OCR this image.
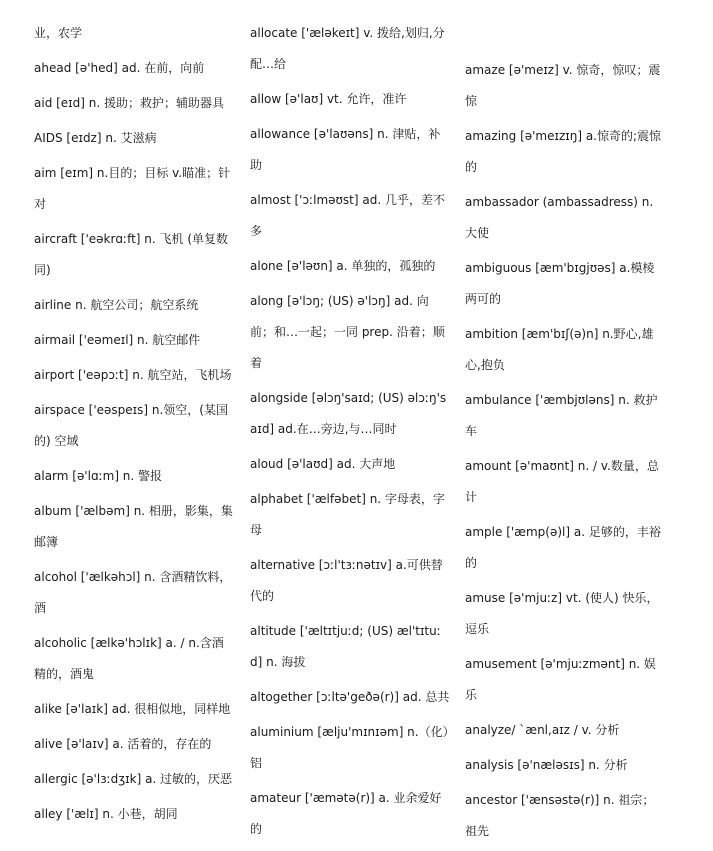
业，农学
ahead [ə'hed] ad. 在前，向前
aid [eɪd] n. 援助；救护；辅助器具
AIDS [eɪdz] n. 艾滋病
aim [eɪm] n.目的；目标 v.瞄准；针对
aircraft ['eəkrɑːft] n. 飞机 (单复数同)
airline n. 航空公司；航空系统
airmail ['eəmeɪl] n. 航空邮件
airport ['eəpɔːt] n. 航空站，飞机场
airspace ['eəspeɪs] n.领空，(某国的) 空域
alarm [ə'lɑːm] n. 警报
album ['ælbəm] n. 相册，影集，集邮簿
alcohol ['ælkəhɔl] n. 含酒精饮料，酒
alcoholic [ælkə'hɔlɪk] a. / n.含酒精的，酒鬼
alike [ə'laɪk] ad. 很相似地，同样地
alive [ə'laɪv] a. 活着的，存在的
allergic [ə'lɜːdʒɪk] a. 过敏的，厌恶
alley ['ælɪ] n. 小巷，胡同
allocate ['æləkeɪt] v. 拨给,划归,分配…给
allow [ə'laʊ] vt. 允许，准许
allowance [ə'laʊəns] n. 津贴，补助
almost ['ɔːlməʊst] ad. 几乎，差不多
alone [ə'ləʊn] a. 单独的，孤独的
along [ə'lɔŋ; (US) ə'lɔŋ] ad. 向前；和…一起；一同 prep. 沿着；顺着
alongside [əlɔŋ'saɪd; (US) əlɔːŋ'saɪd] ad.在…旁边,与…同时
aloud [ə'laʊd] ad. 大声地
alphabet ['ælfəbet] n. 字母表，字母
alternative [ɔːl'tɜːnətɪv] a.可供替代的
altitude ['æltɪtjuːd; (US) æl'tɪtuːd] n. 海拔
altogether [ɔːltə'geðə(r)] ad. 总共
aluminium [ælju'mɪnɪəm] n.（化）铝
amateur ['æmətə(r)] a. 业余爱好的
amaze [ə'meɪz] v. 惊奇，惊叹；震惊
amazing [ə'meɪzɪŋ] a.惊奇的;震惊的
ambassador (ambassadress) n.大使
ambiguous [æm'bɪgjʊəs] a.模棱两可的
ambition [æm'bɪʃ(ə)n] n.野心,雄心,抱负
ambulance ['æmbjʊləns] n. 救护车
amount [ə'maʊnt] n. / v.数量，总计
ample ['æmp(ə)l] a. 足够的，丰裕的
amuse [ə'mjuːz] vt. (使人) 快乐，逗乐
amusement [ə'mjuːzmənt] n. 娱乐
analyze/ `ænl,aɪz / v. 分析
analysis [ə'næləsɪs] n. 分析
ancestor ['ænsəstə(r)] n. 祖宗；祖先
